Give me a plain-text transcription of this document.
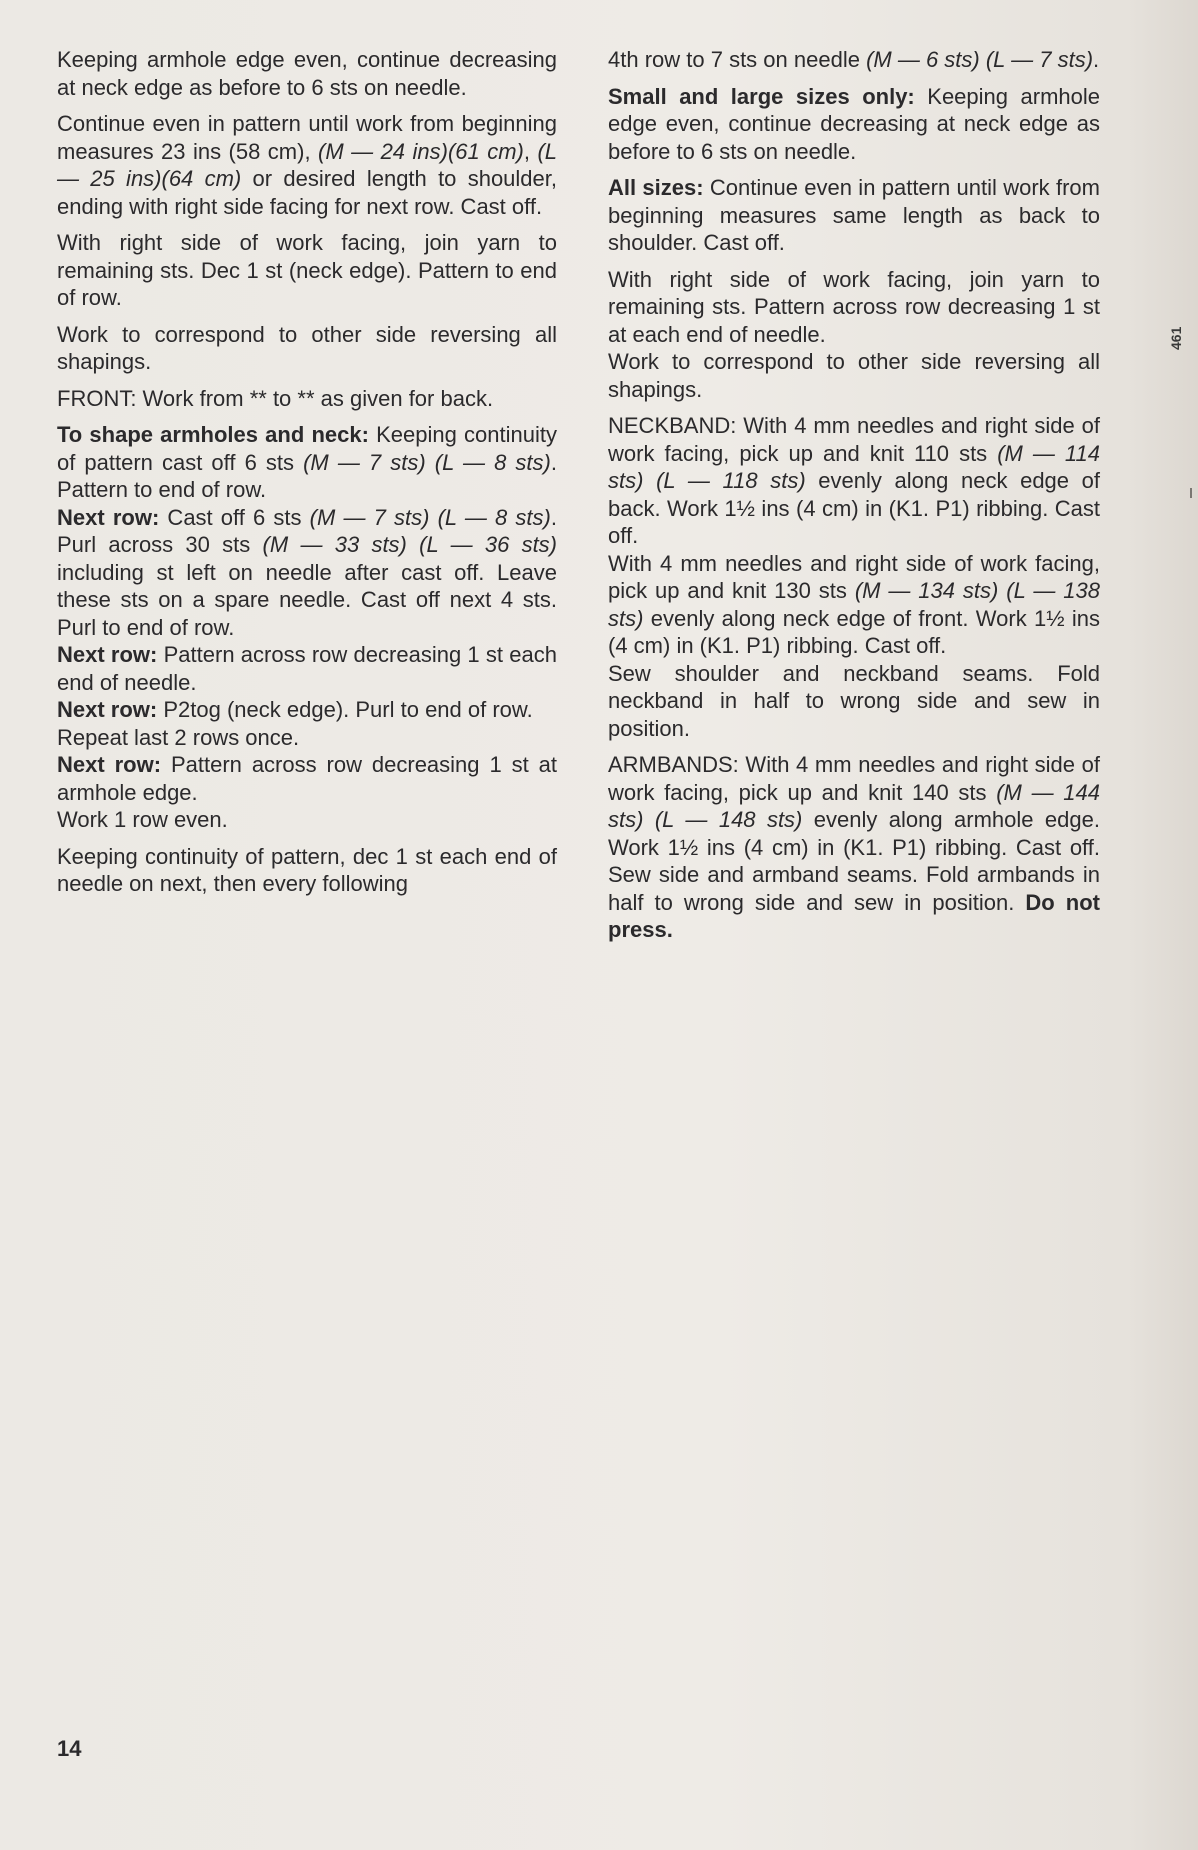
Keeping armhole edge even, continue decreasing at neck edge as before to 6 sts on needle.

Continue even in pattern until work from beginning measures 23 ins (58 cm), (M — 24 ins)(61 cm), (L — 25 ins)(64 cm) or desired length to shoulder, ending with right side facing for next row. Cast off.

With right side of work facing, join yarn to remaining sts. Dec 1 st (neck edge). Pattern to end of row.

Work to correspond to other side reversing all shapings.

FRONT: Work from ** to ** as given for back.

To shape armholes and neck: Keeping continuity of pattern cast off 6 sts (M — 7 sts) (L — 8 sts). Pattern to end of row.

Next row: Cast off 6 sts (M — 7 sts) (L — 8 sts). Purl across 30 sts (M — 33 sts) (L — 36 sts) including st left on needle after cast off. Leave these sts on a spare needle. Cast off next 4 sts. Purl to end of row.

Next row: Pattern across row decreasing 1 st each end of needle.

Next row: P2tog (neck edge). Purl to end of row.

Repeat last 2 rows once.

Next row: Pattern across row decreasing 1 st at armhole edge.

Work 1 row even.

Keeping continuity of pattern, dec 1 st each end of needle on next, then every following

4th row to 7 sts on needle (M — 6 sts) (L — 7 sts).

Small and large sizes only: Keeping armhole edge even, continue decreasing at neck edge as before to 6 sts on needle.

All sizes: Continue even in pattern until work from beginning measures same length as back to shoulder. Cast off.

With right side of work facing, join yarn to remaining sts. Pattern across row decreasing 1 st at each end of needle.

Work to correspond to other side reversing all shapings.

NECKBAND: With 4 mm needles and right side of work facing, pick up and knit 110 sts (M — 114 sts) (L — 118 sts) evenly along neck edge of back. Work 1½ ins (4 cm) in (K1. P1) ribbing. Cast off.

With 4 mm needles and right side of work facing, pick up and knit 130 sts (M — 134 sts) (L — 138 sts) evenly along neck edge of front. Work 1½ ins (4 cm) in (K1. P1) ribbing. Cast off.

Sew shoulder and neckband seams. Fold neckband in half to wrong side and sew in position.

ARMBANDS: With 4 mm needles and right side of work facing, pick up and knit 140 sts (M — 144 sts) (L — 148 sts) evenly along armhole edge. Work 1½ ins (4 cm) in (K1. P1) ribbing. Cast off. Sew side and armband seams. Fold armbands in half to wrong side and sew in position. Do not press.

461
14
